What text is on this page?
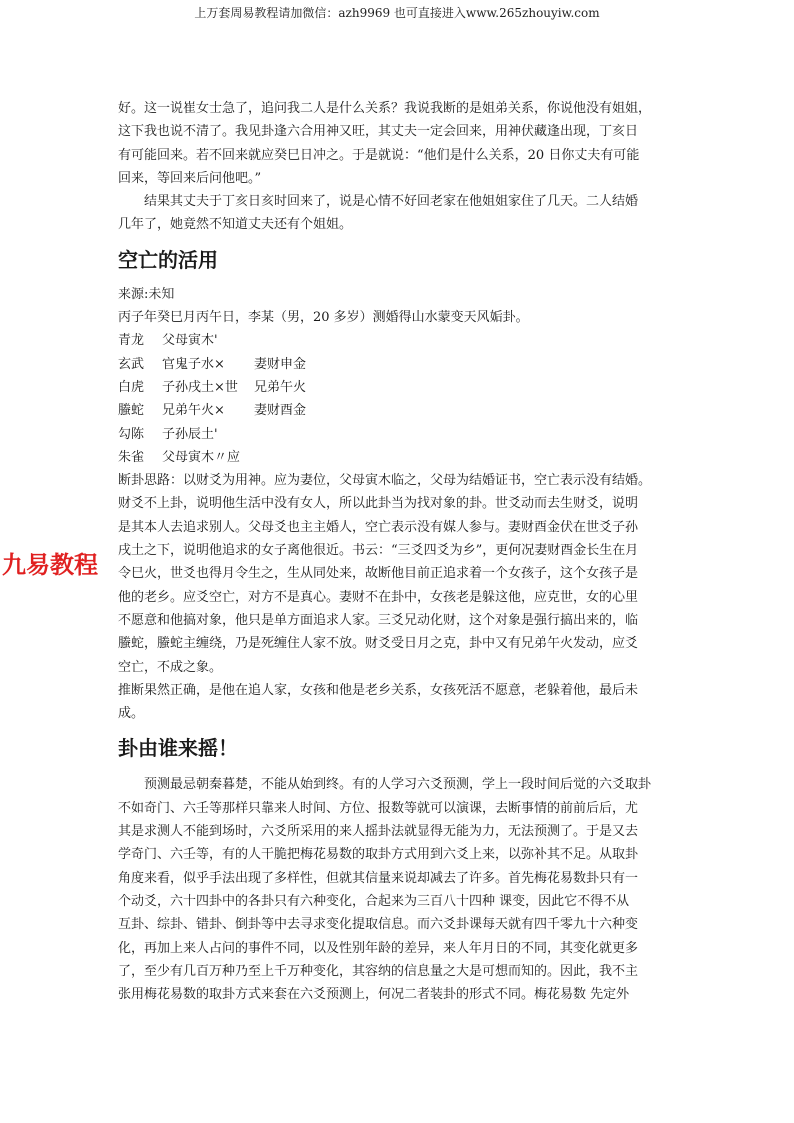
上万套周易教程请加微信：azh9969 也可直接进入www.265zhouyiw.com
九易教程

好。这一说崔女士急了，追问我二人是什么关系？我说我断的是姐弟关系，你说他没有姐姐，

这下我也说不清了。我见卦逢六合用神又旺，其丈夫一定会回来，用神伏藏逢出现，丁亥日

有可能回来。若不回来就应癸巳日冲之。于是就说：“他们是什么关系，20 日你丈夫有可能

回来，等回来后问他吧。”

结果其丈夫于丁亥日亥时回来了，说是心情不好回老家在他姐姐家住了几天。二人结婚

几年了，她竟然不知道丈夫还有个姐姐。

空亡的活用

来源:未知

丙子年癸巳月丙午日，李某（男，20 多岁）测婚得山水蒙变天风姤卦。

青龙	父母寅木'
玄武	官鬼子水×	妻财申金
白虎	子孙戌土×世	兄弟午火
螣蛇	兄弟午火×	妻财酉金
勾陈	子孙辰土'
朱雀	父母寅木〃应

断卦思路：以财爻为用神。应为妻位，父母寅木临之，父母为结婚证书，空亡表示没有结婚。

财爻不上卦，说明他生活中没有女人，所以此卦当为找对象的卦。世爻动而去生财爻，说明

是其本人去追求别人。父母爻也主主婚人，空亡表示没有媒人参与。妻财酉金伏在世爻子孙

戌土之下，说明他追求的女子离他很近。书云：“三爻四爻为乡”，更何况妻财酉金长生在月

令巳火，世爻也得月令生之，生从同处来，故断他目前正追求着一个女孩子，这个女孩子是

他的老乡。应爻空亡，对方不是真心。妻财不在卦中，女孩老是躲这他，应克世，女的心里

不愿意和他搞对象，他只是单方面追求人家。三爻兄动化财，这个对象是强行搞出来的，临

螣蛇，螣蛇主缠绕，乃是死缠住人家不放。财爻受日月之克，卦中又有兄弟午火发动，应爻

空亡，不成之象。

推断果然正确，是他在追人家，女孩和他是老乡关系，女孩死活不愿意，老躲着他，最后未

成。

卦由谁来摇！

预测最忌朝秦暮楚，不能从始到终。有的人学习六爻预测，学上一段时间后觉的六爻取卦

不如奇门、六壬等那样只靠来人时间、方位、报数等就可以演课，去断事情的前前后后，尤

其是求测人不能到场时，六爻所采用的来人摇卦法就显得无能为力，无法预测了。于是又去

学奇门、六壬等，有的人干脆把梅花易数的取卦方式用到六爻上来，以弥补其不足。从取卦

角度来看，似乎手法出现了多样性，但就其信量来说却减去了许多。首先梅花易数卦只有一

个动爻，六十四卦中的各卦只有六种变化，合起来为三百八十四种 课变，因此它不得不从

互卦、综卦、错卦、倒卦等中去寻求变化提取信息。而六爻卦课每天就有四千零九十六种变

化，再加上来人占问的事件不同，以及性别年龄的差异，来人年月日的不同，其变化就更多

了，至少有几百万种乃至上千万种变化，其容纳的信息量之大是可想而知的。因此，我不主

张用梅花易数的取卦方式来套在六爻预测上，何况二者装卦的形式不同。梅花易数 先定外
